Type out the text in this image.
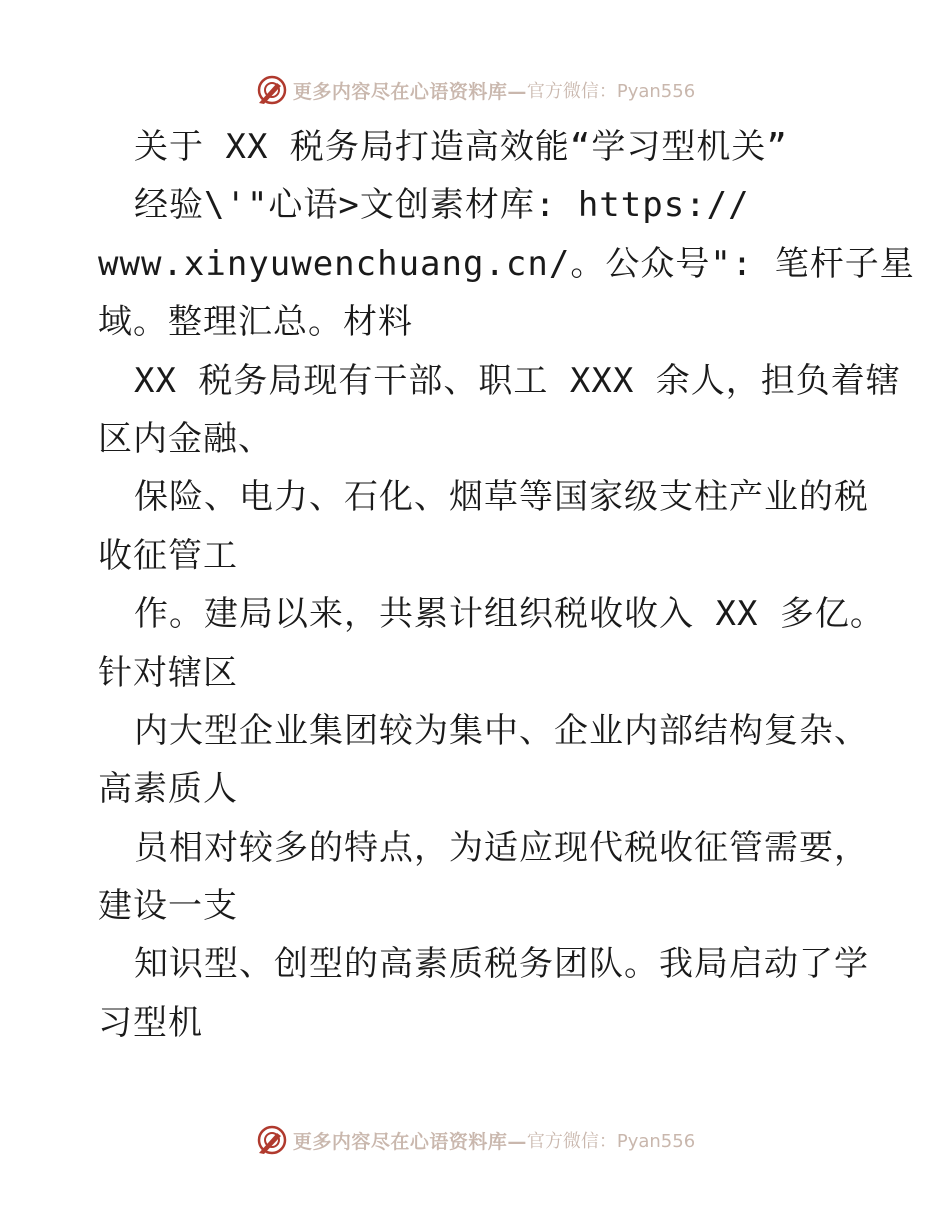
更多内容尽在心语资料库— 官方微信：Pyan556
关于 XX 税务局打造高效能“学习型机关”
经验\'"心语>文创素材库: https://
www.xinyuwenchuang.cn/。公众号": 笔杆子星
域。整理汇总。材料
XX 税务局现有干部、职工 XXX 余人，担负着辖
区内金融、
保险、电力、石化、烟草等国家级支柱产业的税
收征管工
作。建局以来，共累计组织税收收入 XX 多亿。
针对辖区
内大型企业集团较为集中、企业内部结构复杂、
高素质人
员相对较多的特点，为适应现代税收征管需要，
建设一支
知识型、创型的高素质税务团队。我局启动了学
习型机
更多内容尽在心语资料库— 官方微信：Pyan556
